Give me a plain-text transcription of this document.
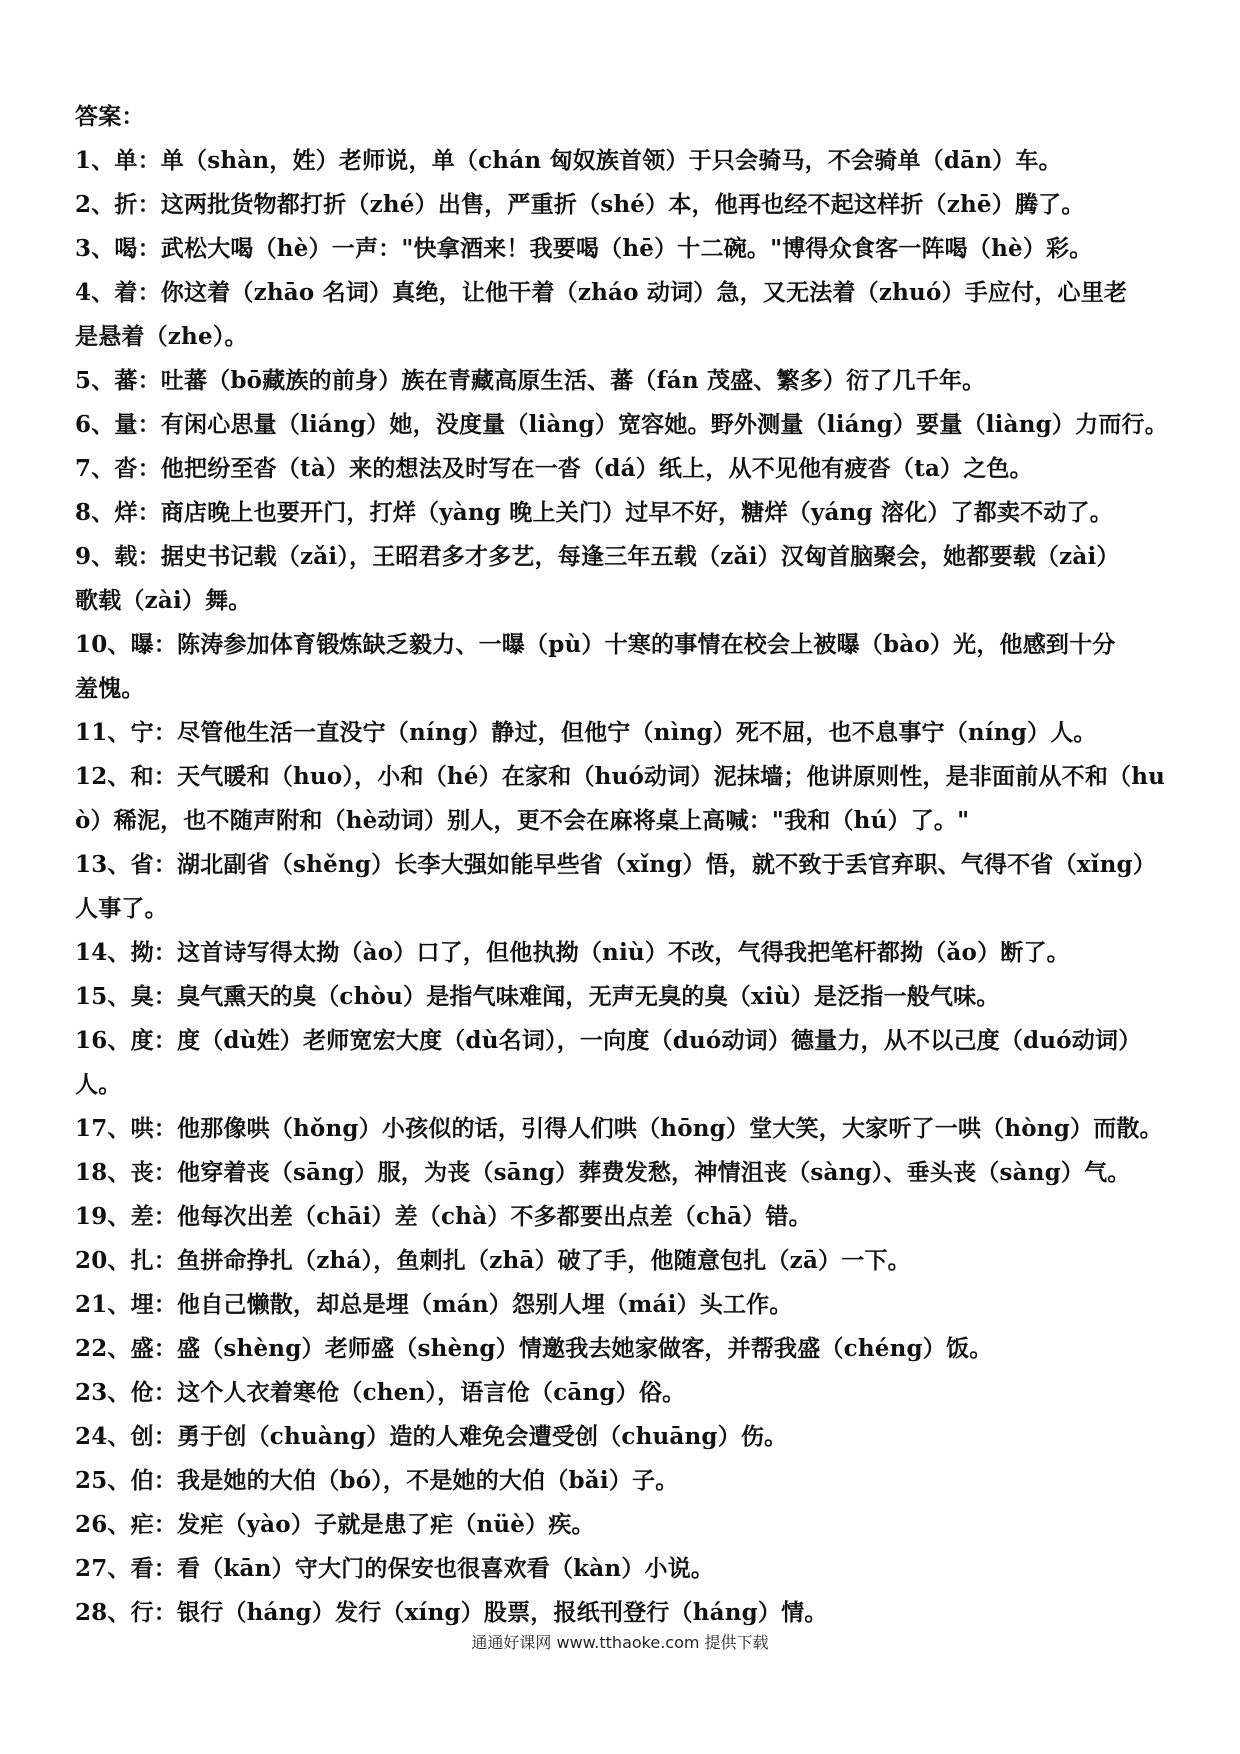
答案：
1、单：单（shàn，姓）老师说，单（chán 匈奴族首领）于只会骑马，不会骑单（dān）车。
2、折：这两批货物都打折（zhé）出售，严重折（shé）本，他再也经不起这样折（zhē）腾了。
3、喝：武松大喝（hè）一声："快拿酒来！我要喝（hē）十二碗。"博得众食客一阵喝（hè）彩。
4、着：你这着（zhāo 名词）真绝，让他干着（zháo 动词）急，又无法着（zhuó）手应付，心里老
是悬着（zhe）。
5、蕃：吐蕃（bō藏族的前身）族在青藏高原生活、蕃（fán 茂盛、繁多）衍了几千年。
6、量：有闲心思量（liáng）她，没度量（liàng）宽容她。野外测量（liáng）要量（liàng）力而行。
7、沓：他把纷至沓（tà）来的想法及时写在一沓（dá）纸上，从不见他有疲沓（ta）之色。
8、烊：商店晚上也要开门，打烊（yàng 晚上关门）过早不好，糖烊（yáng 溶化）了都卖不动了。
9、载：据史书记载（zǎi），王昭君多才多艺，每逢三年五载（zǎi）汉匈首脑聚会，她都要载（zài）
歌载（zài）舞。
10、曝：陈涛参加体育锻炼缺乏毅力、一曝（pù）十寒的事情在校会上被曝（bào）光，他感到十分
羞愧。
11、宁：尽管他生活一直没宁（níng）静过，但他宁（nìng）死不屈，也不息事宁（níng）人。
12、和：天气暖和（huo），小和（hé）在家和（huó动词）泥抹墙；他讲原则性，是非面前从不和（hu
ò）稀泥，也不随声附和（hè动词）别人，更不会在麻将桌上高喊："我和（hú）了。"
13、省：湖北副省（shěng）长李大强如能早些省（xǐng）悟，就不致于丢官弃职、气得不省（xǐng）
人事了。
14、拗：这首诗写得太拗（ào）口了，但他执拗（niù）不改，气得我把笔杆都拗（ǎo）断了。
15、臭：臭气熏天的臭（chòu）是指气味难闻，无声无臭的臭（xiù）是泛指一般气味。
16、度：度（dù姓）老师宽宏大度（dù名词），一向度（duó动词）德量力，从不以己度（duó动词）
人。
17、哄：他那像哄（hǒng）小孩似的话，引得人们哄（hōng）堂大笑，大家听了一哄（hòng）而散。
18、丧：他穿着丧（sāng）服，为丧（sāng）葬费发愁，神情沮丧（sàng）、垂头丧（sàng）气。
19、差：他每次出差（chāi）差（chà）不多都要出点差（chā）错。
20、扎：鱼拼命挣扎（zhá），鱼刺扎（zhā）破了手，他随意包扎（zā）一下。
21、埋：他自己懒散，却总是埋（mán）怨别人埋（mái）头工作。
22、盛：盛（shèng）老师盛（shèng）情邀我去她家做客，并帮我盛（chéng）饭。
23、伧：这个人衣着寒伧（chen），语言伧（cāng）俗。
24、创：勇于创（chuàng）造的人难免会遭受创（chuāng）伤。
25、伯：我是她的大伯（bó），不是她的大伯（bǎi）子。
26、疟：发疟（yào）子就是患了疟（nüè）疾。
27、看：看（kān）守大门的保安也很喜欢看（kàn）小说。
28、行：银行（háng）发行（xíng）股票，报纸刊登行（háng）情。
通通好课网 www.tthaoke.com 提供下载
